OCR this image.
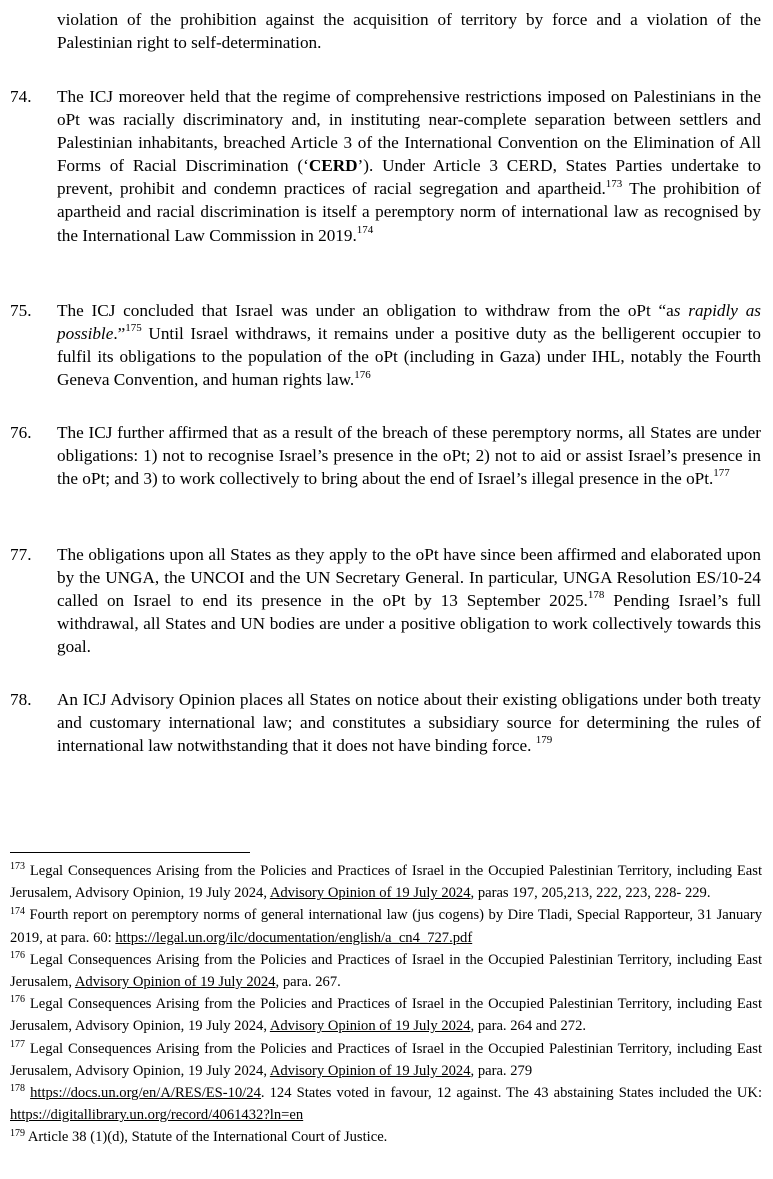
violation of the prohibition against the acquisition of territory by force and a violation of the Palestinian right to self-determination.
74. The ICJ moreover held that the regime of comprehensive restrictions imposed on Palestinians in the oPt was racially discriminatory and, in instituting near-complete separation between settlers and Palestinian inhabitants, breached Article 3 of the International Convention on the Elimination of All Forms of Racial Discrimination (‘CERD’). Under Article 3 CERD, States Parties undertake to prevent, prohibit and condemn practices of racial segregation and apartheid.$^{173}$ The prohibition of apartheid and racial discrimination is itself a peremptory norm of international law as recognised by the International Law Commission in 2019.$^{174}$
75. The ICJ concluded that Israel was under an obligation to withdraw from the oPt “as rapidly as possible.”$^{175}$ Until Israel withdraws, it remains under a positive duty as the belligerent occupier to fulfil its obligations to the population of the oPt (including in Gaza) under IHL, notably the Fourth Geneva Convention, and human rights law.$^{176}$
76. The ICJ further affirmed that as a result of the breach of these peremptory norms, all States are under obligations: 1) not to recognise Israel’s presence in the oPt; 2) not to aid or assist Israel’s presence in the oPt; and 3) to work collectively to bring about the end of Israel’s illegal presence in the oPt.$^{177}$
77. The obligations upon all States as they apply to the oPt have since been affirmed and elaborated upon by the UNGA, the UNCOI and the UN Secretary General. In particular, UNGA Resolution ES/10-24 called on Israel to end its presence in the oPt by 13 September 2025.$^{178}$ Pending Israel’s full withdrawal, all States and UN bodies are under a positive obligation to work collectively towards this goal.
78. An ICJ Advisory Opinion places all States on notice about their existing obligations under both treaty and customary international law; and constitutes a subsidiary source for determining the rules of international law notwithstanding that it does not have binding force. $^{179}$
$^{173}$ Legal Consequences Arising from the Policies and Practices of Israel in the Occupied Palestinian Territory, including East Jerusalem, Advisory Opinion, 19 July 2024, Advisory Opinion of 19 July 2024, paras 197, 205,213, 222, 223, 228- 229.
$^{174}$ Fourth report on peremptory norms of general international law (jus cogens) by Dire Tladi, Special Rapporteur, 31 January 2019, at para. 60: https://legal.un.org/ilc/documentation/english/a_cn4_727.pdf
$^{176}$ Legal Consequences Arising from the Policies and Practices of Israel in the Occupied Palestinian Territory, including East Jerusalem, Advisory Opinion of 19 July 2024, para. 267.
$^{176}$ Legal Consequences Arising from the Policies and Practices of Israel in the Occupied Palestinian Territory, including East Jerusalem, Advisory Opinion, 19 July 2024, Advisory Opinion of 19 July 2024, para. 264 and 272.
$^{177}$ Legal Consequences Arising from the Policies and Practices of Israel in the Occupied Palestinian Territory, including East Jerusalem, Advisory Opinion, 19 July 2024, Advisory Opinion of 19 July 2024, para. 279
$^{178}$ https://docs.un.org/en/A/RES/ES-10/24. 124 States voted in favour, 12 against. The 43 abstaining States included the UK: https://digitallibrary.un.org/record/4061432?ln=en
$^{179}$ Article 38 (1)(d), Statute of the International Court of Justice.
